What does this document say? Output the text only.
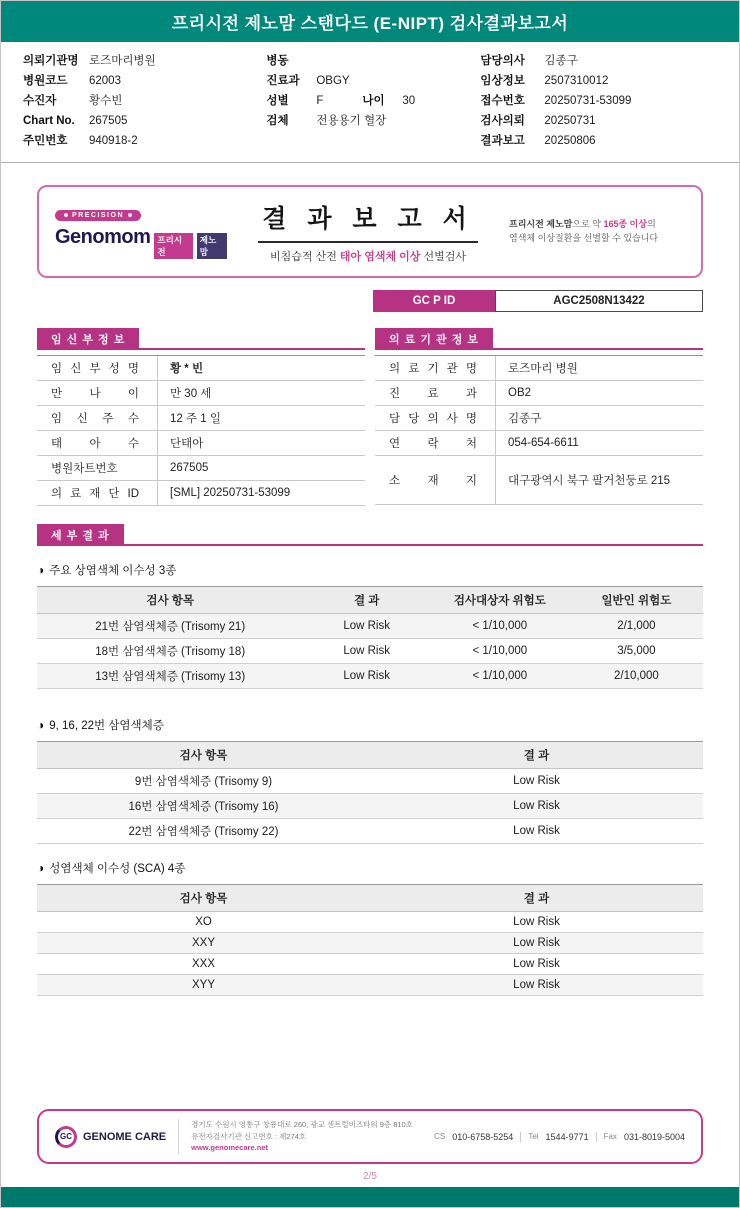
프리시전 제노맘 스탠다드 (E-NIPT) 검사결과보고서
의뢰기관명 로즈마리병원
병원코드	62003
수진자	황수빈
Chart No.	267505
주민번호	940918-2
병동
진료과	OBGY
성별	F	나이	30
검체	전용용기 혈장
담당의사	김종구
임상정보	2507310012
접수번호	20250731-53099
검사의뢰	20250731
결과보고	20250806
PRECISION
Genomom 프리시전
제노맘
결 과 보 고 서
비침습적 산전 태아 염색체 이상 선별검사
프리시전 제노맘으로 약 165종 이상의
염색체 이상질환을 선별할 수 있습니다
GC P ID	AGC2508N13422
임 신 부 정 보
임 신 부 성 명	황 * 빈
만 나 이	만 30 세
임 신 주 수	12 주 1 일
태 아 수	단태아
병원차트번호	267505
의 료 재 단 ID	[SML] 20250731-53099
의 료 기 관 정 보
의 료 기 관 명	로즈마리 병원
진 료 과	OB2
담 당 의 사 명	김종구
연 락 처	054-654-6611
소 재 지	대구광역시 북구 팔거천둥로 215
세 부 결 과
◑ 주요 상염색체 이수성 3종
검사 항목	결 과	검사대상자 위험도	일반인 위험도
21번 삼염색체증 (Trisomy 21)	Low Risk	< 1/10,000	2/1,000
18번 삼염색체증 (Trisomy 18)	Low Risk	< 1/10,000	3/5,000
13번 삼염색체증 (Trisomy 13)	Low Risk	< 1/10,000	2/10,000
◑ 9, 16, 22번 삼염색체증
검사 항목	결 과
9번 삼염색체증 (Trisomy 9)	Low Risk
16번 삼염색체증 (Trisomy 16)	Low Risk
22번 삼염색체증 (Trisomy 22)	Low Risk
◑ 성염색체 이수성 (SCA) 4종
검사 항목	결 과
XO	Low Risk
XXY	Low Risk
XXX	Low Risk
XYY	Low Risk
GC	GENOME CARE
경기도 수원시 영통구 창룡대로 260, 광교 센트럴비즈타워 9층 810호
유전자검사기관 신고번호 : 제274호
www.genomecare.net
CS 010-6758-5254 Tel 1544-9771 Fax 031-8019-5004
2/5
